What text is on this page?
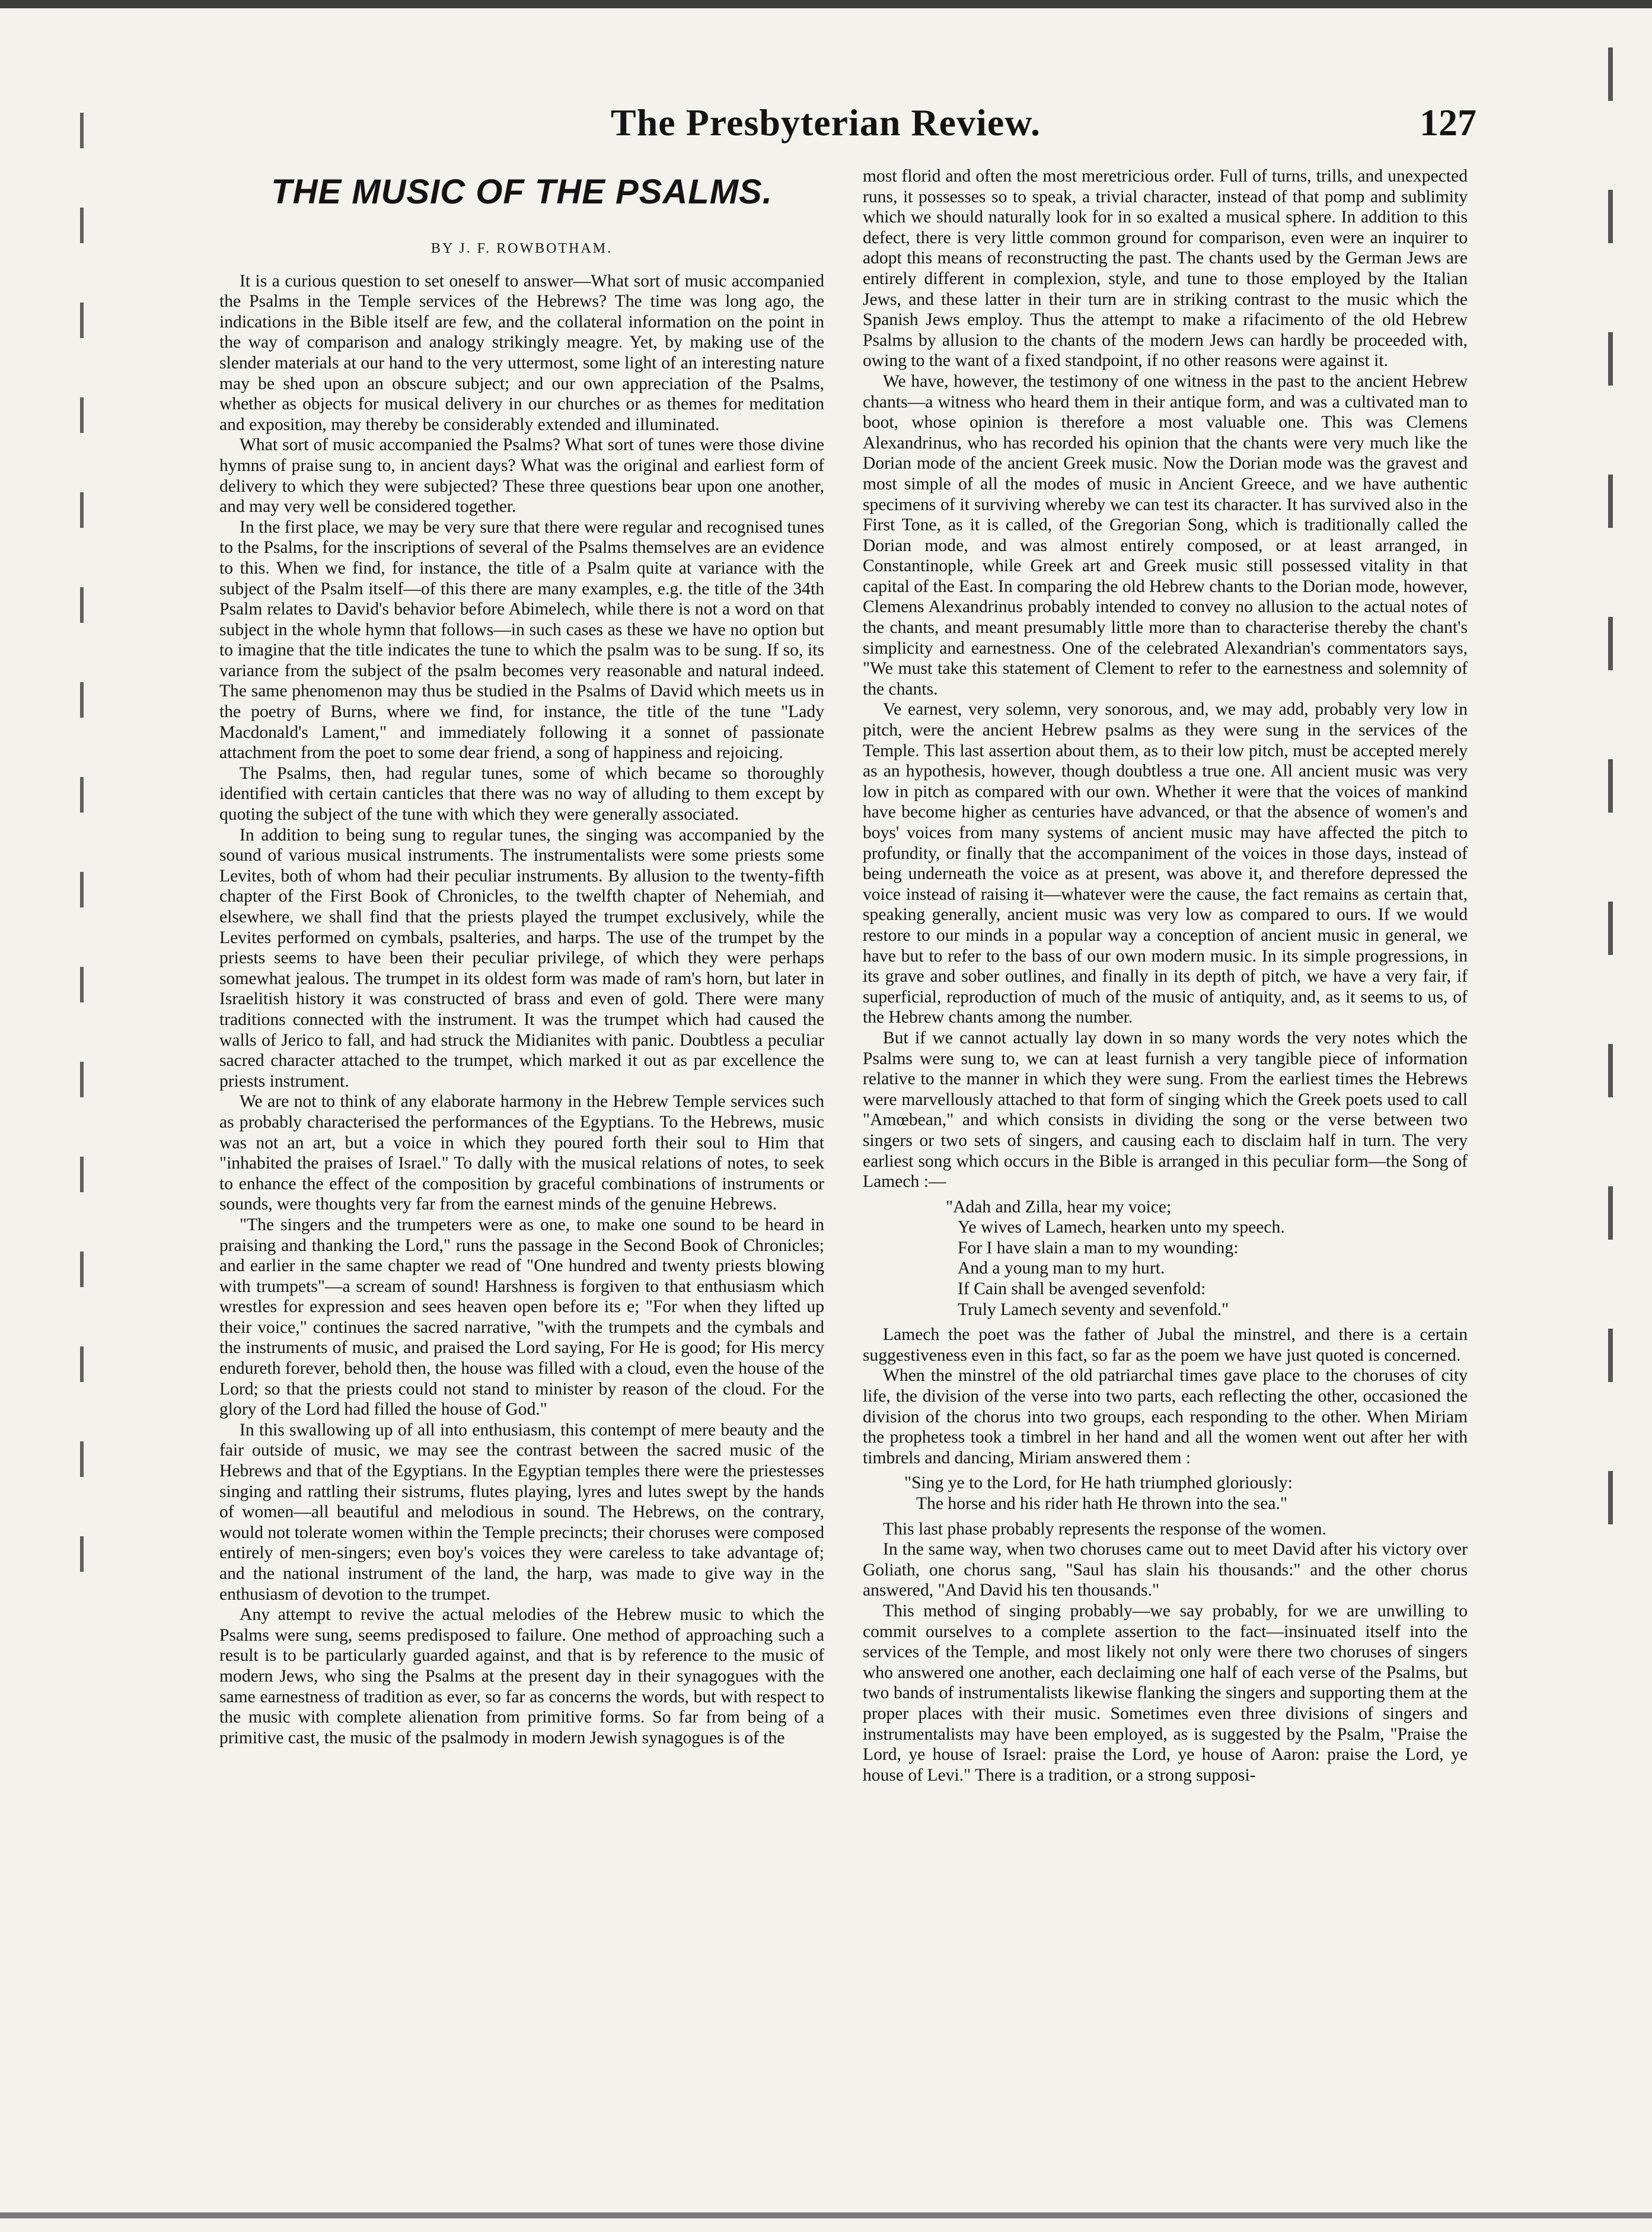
The Presbyterian Review.	127
THE MUSIC OF THE PSALMS.
BY J. F. ROWBOTHAM.

It is a curious question to set oneself to answer—What sort of music accompanied the Psalms in the Temple services of the Hebrews? The time was long ago, the indications in the Bible itself are few, and the collateral information on the point in the way of comparison and analogy strikingly meagre. Yet, by making use of the slender materials at our hand to the very uttermost, some light of an interesting nature may be shed upon an obscure subject; and our own appreciation of the Psalms, whether as objects for musical delivery in our churches or as themes for meditation and exposition, may thereby be considerably extended and illuminated.

What sort of music accompanied the Psalms? What sort of tunes were those divine hymns of praise sung to, in ancient days? What was the original and earliest form of delivery to which they were subjected? These three questions bear upon one another, and may very well be considered together.

In the first place, we may be very sure that there were regular and recognised tunes to the Psalms, for the inscriptions of several of the Psalms themselves are an evidence to this. When we find, for instance, the title of a Psalm quite at variance with the subject of the Psalm itself—of this there are many examples, e.g. the title of the 34th Psalm relates to David's behavior before Abimelech, while there is not a word on that subject in the whole hymn that follows—in such cases as these we have no option but to imagine that the title indicates the tune to which the psalm was to be sung. If so, its variance from the subject of the psalm becomes very reasonable and natural indeed. The same phenomenon may thus be studied in the Psalms of David which meets us in the poetry of Burns, where we find, for instance, the title of the tune "Lady Macdonald's Lament," and immediately following it a sonnet of passionate attachment from the poet to some dear friend, a song of happiness and rejoicing.

The Psalms, then, had regular tunes, some of which became so thoroughly identified with certain canticles that there was no way of alluding to them except by quoting the subject of the tune with which they were generally associated.

In addition to being sung to regular tunes, the singing was accompanied by the sound of various musical instruments. The instrumentalists were some priests some Levites, both of whom had their peculiar instruments. By allusion to the twenty-fifth chapter of the First Book of Chronicles, to the twelfth chapter of Nehemiah, and elsewhere, we shall find that the priests played the trumpet exclusively, while the Levites performed on cymbals, psalteries, and harps. The use of the trumpet by the priests seems to have been their peculiar privilege, of which they were perhaps somewhat jealous. The trumpet in its oldest form was made of ram's horn, but later in Israelitish history it was constructed of brass and even of gold. There were many traditions connected with the instrument. It was the trumpet which had caused the walls of Jerico to fall, and had struck the Midianites with panic. Doubtless a peculiar sacred character attached to the trumpet, which marked it out as par excellence the priests instrument.

We are not to think of any elaborate harmony in the Hebrew Temple services such as probably characterised the performances of the Egyptians. To the Hebrews, music was not an art, but a voice in which they poured forth their soul to Him that "inhabited the praises of Israel." To dally with the musical relations of notes, to seek to enhance the effect of the composition by graceful combinations of instruments or sounds, were thoughts very far from the earnest minds of the genuine Hebrews.

"The singers and the trumpeters were as one, to make one sound to be heard in praising and thanking the Lord," runs the passage in the Second Book of Chronicles; and earlier in the same chapter we read of "One hundred and twenty priests blowing with trumpets"—a scream of sound! Harshness is forgiven to that enthusiasm which wrestles for expression and sees heaven open before its e; "For when they lifted up their voice," continues the sacred narrative, "with the trumpets and the cymbals and the instruments of music, and praised the Lord saying, For He is good; for His mercy endureth forever, behold then, the house was filled with a cloud, even the house of the Lord; so that the priests could not stand to minister by reason of the cloud. For the glory of the Lord had filled the house of God."

In this swallowing up of all into enthusiasm, this contempt of mere beauty and the fair outside of music, we may see the contrast between the sacred music of the Hebrews and that of the Egyptians. In the Egyptian temples there were the priestesses singing and rattling their sistrums, flutes playing, lyres and lutes swept by the hands of women—all beautiful and melodious in sound. The Hebrews, on the contrary, would not tolerate women within the Temple precincts; their choruses were composed entirely of men-singers; even boy's voices they were careless to take advantage of; and the national instrument of the land, the harp, was made to give way in the enthusiasm of devotion to the trumpet.

Any attempt to revive the actual melodies of the Hebrew music to which the Psalms were sung, seems predisposed to failure. One method of approaching such a result is to be particularly guarded against, and that is by reference to the music of modern Jews, who sing the Psalms at the present day in their synagogues with the same earnestness of tradition as ever, so far as concerns the words, but with respect to the music with complete alienation from primitive forms. So far from being of a primitive cast, the music of the psalmody in modern Jewish synagogues is of the

most florid and often the most meretricious order. Full of turns, trills, and unexpected runs, it possesses so to speak, a trivial character, instead of that pomp and sublimity which we should naturally look for in so exalted a musical sphere. In addition to this defect, there is very little common ground for comparison, even were an inquirer to adopt this means of reconstructing the past. The chants used by the German Jews are entirely different in complexion, style, and tune to those employed by the Italian Jews, and these latter in their turn are in striking contrast to the music which the Spanish Jews employ. Thus the attempt to make a rifacimento of the old Hebrew Psalms by allusion to the chants of the modern Jews can hardly be proceeded with, owing to the want of a fixed standpoint, if no other reasons were against it.

We have, however, the testimony of one witness in the past to the ancient Hebrew chants—a witness who heard them in their antique form, and was a cultivated man to boot, whose opinion is therefore a most valuable one. This was Clemens Alexandrinus, who has recorded his opinion that the chants were very much like the Dorian mode of the ancient Greek music. Now the Dorian mode was the gravest and most simple of all the modes of music in Ancient Greece, and we have authentic specimens of it surviving whereby we can test its character. It has survived also in the First Tone, as it is called, of the Gregorian Song, which is traditionally called the Dorian mode, and was almost entirely composed, or at least arranged, in Constantinople, while Greek art and Greek music still possessed vitality in that capital of the East. In comparing the old Hebrew chants to the Dorian mode, however, Clemens Alexandrinus probably intended to convey no allusion to the actual notes of the chants, and meant presumably little more than to characterise thereby the chant's simplicity and earnestness. One of the celebrated Alexandrian's commentators says, "We must take this statement of Clement to refer to the earnestness and solemnity of the chants.

Ve earnest, very solemn, very sonorous, and, we may add, probably very low in pitch, were the ancient Hebrew psalms as they were sung in the services of the Temple. This last assertion about them, as to their low pitch, must be accepted merely as an hypothesis, however, though doubtless a true one. All ancient music was very low in pitch as compared with our own. Whether it were that the voices of mankind have become higher as centuries have advanced, or that the absence of women's and boys' voices from many systems of ancient music may have affected the pitch to profundity, or finally that the accompaniment of the voices in those days, instead of being underneath the voice as at present, was above it, and therefore depressed the voice instead of raising it—whatever were the cause, the fact remains as certain that, speaking generally, ancient music was very low as compared to ours. If we would restore to our minds in a popular way a conception of ancient music in general, we have but to refer to the bass of our own modern music. In its simple progressions, in its grave and sober outlines, and finally in its depth of pitch, we have a very fair, if superficial, reproduction of much of the music of antiquity, and, as it seems to us, of the Hebrew chants among the number.

But if we cannot actually lay down in so many words the very notes which the Psalms were sung to, we can at least furnish a very tangible piece of information relative to the manner in which they were sung. From the earliest times the Hebrews were marvellously attached to that form of singing which the Greek poets used to call "Amœbean," and which consists in dividing the song or the verse between two singers or two sets of singers, and causing each to disclaim half in turn. The very earliest song which occurs in the Bible is arranged in this peculiar form—the Song of Lamech :—

"Adah and Zilla, hear my voice;
Ye wives of Lamech, hearken unto my speech.
For I have slain a man to my wounding:
And a young man to my hurt.
If Cain shall be avenged sevenfold:
Truly Lamech seventy and sevenfold."

Lamech the poet was the father of Jubal the minstrel, and there is a certain suggestiveness even in this fact, so far as the poem we have just quoted is concerned.

When the minstrel of the old patriarchal times gave place to the choruses of city life, the division of the verse into two parts, each reflecting the other, occasioned the division of the chorus into two groups, each responding to the other. When Miriam the prophetess took a timbrel in her hand and all the women went out after her with timbrels and dancing, Miriam answered them :

"Sing ye to the Lord, for He hath triumphed gloriously:
The horse and his rider hath He thrown into the sea."

This last phase probably represents the response of the women.

In the same way, when two choruses came out to meet David after his victory over Goliath, one chorus sang, "Saul has slain his thousands:" and the other chorus answered, "And David his ten thousands."

This method of singing probably—we say probably, for we are unwilling to commit ourselves to a complete assertion to the fact—insinuated itself into the services of the Temple, and most likely not only were there two choruses of singers who answered one another, each declaiming one half of each verse of the Psalms, but two bands of instrumentalists likewise flanking the singers and supporting them at the proper places with their music. Sometimes even three divisions of singers and instrumentalists may have been employed, as is suggested by the Psalm, "Praise the Lord, ye house of Israel: praise the Lord, ye house of Aaron: praise the Lord, ye house of Levi." There is a tradition, or a strong supposi-
